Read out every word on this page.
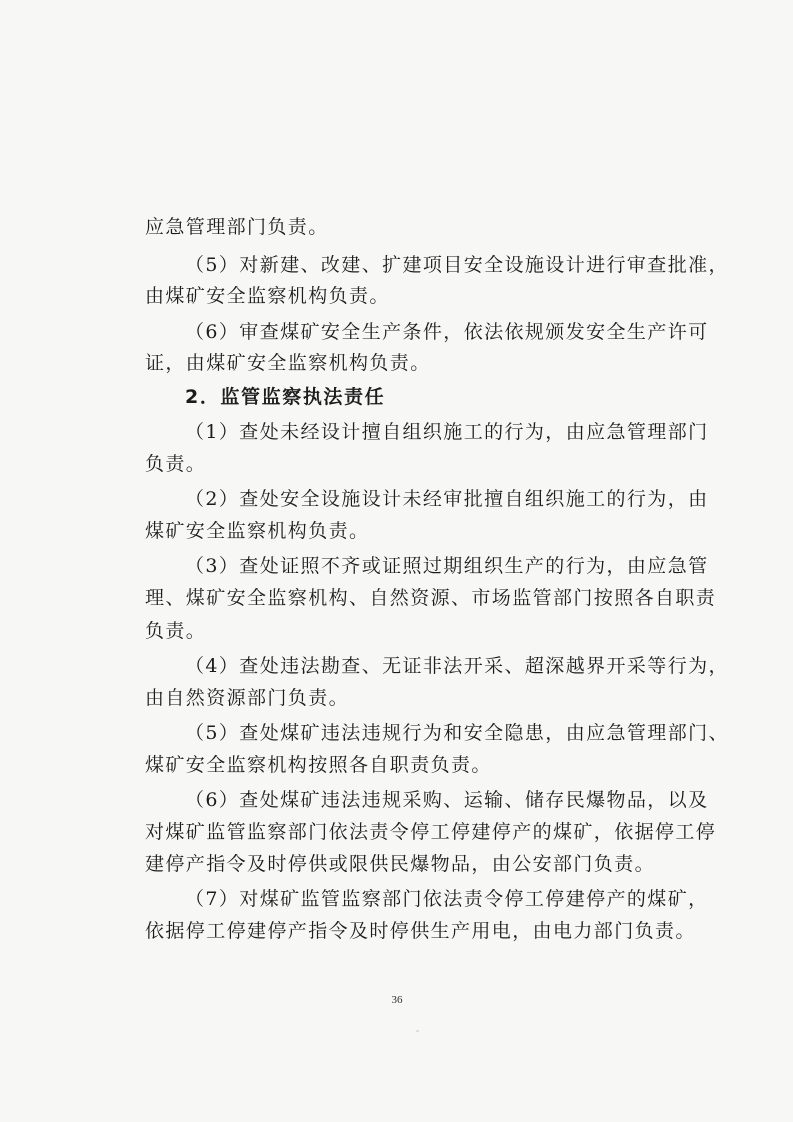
应急管理部门负责。
（5）对新建、改建、扩建项目安全设施设计进行审查批准，
由煤矿安全监察机构负责。
（6）审查煤矿安全生产条件，依法依规颁发安全生产许可
证，由煤矿安全监察机构负责。
2．监管监察执法责任
（1）查处未经设计擅自组织施工的行为，由应急管理部门
负责。
（2）查处安全设施设计未经审批擅自组织施工的行为，由
煤矿安全监察机构负责。
（3）查处证照不齐或证照过期组织生产的行为，由应急管
理、煤矿安全监察机构、自然资源、市场监管部门按照各自职责
负责。
（4）查处违法勘查、无证非法开采、超深越界开采等行为，
由自然资源部门负责。
（5）查处煤矿违法违规行为和安全隐患，由应急管理部门、
煤矿安全监察机构按照各自职责负责。
（6）查处煤矿违法违规采购、运输、储存民爆物品，以及
对煤矿监管监察部门依法责令停工停建停产的煤矿，依据停工停
建停产指令及时停供或限供民爆物品，由公安部门负责。
（7）对煤矿监管监察部门依法责令停工停建停产的煤矿，
依据停工停建停产指令及时停供生产用电，由电力部门负责。
36
